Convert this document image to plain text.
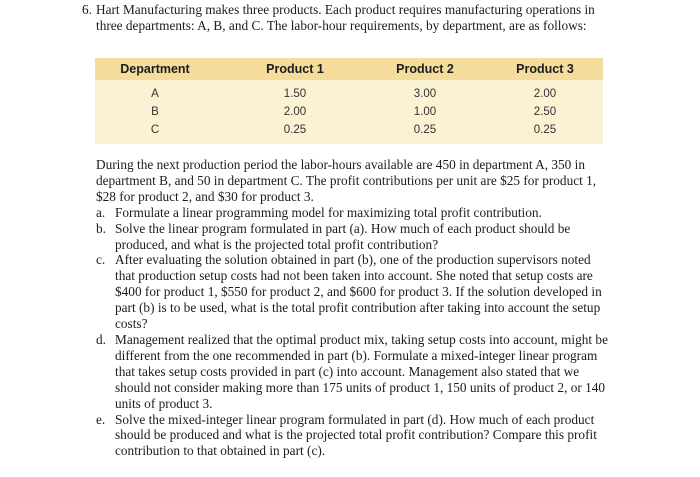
6. Hart Manufacturing makes three products. Each product requires manufacturing operations in three departments: A, B, and C. The labor-hour requirements, by department, are as follows:
Department	Product 1	Product 2	Product 3
A	1.50	3.00	2.00
B	2.00	1.00	2.50
C	0.25	0.25	0.25

During the next production period the labor-hours available are 450 in department A, 350 in department B, and 50 in department C. The profit contributions per unit are $25 for product 1, $28 for product 2, and $30 for product 3.

a. Formulate a linear programming model for maximizing total profit contribution.
b. Solve the linear program formulated in part (a). How much of each product should be produced, and what is the projected total profit contribution?
c. After evaluating the solution obtained in part (b), one of the production supervisors noted that production setup costs had not been taken into account. She noted that setup costs are $400 for product 1, $550 for product 2, and $600 for product 3. If the solution developed in part (b) is to be used, what is the total profit contribution after taking into account the setup costs?
d. Management realized that the optimal product mix, taking setup costs into account, might be different from the one recommended in part (b). Formulate a mixed-integer linear program that takes setup costs provided in part (c) into account. Management also stated that we should not consider making more than 175 units of product 1, 150 units of product 2, or 140 units of product 3.
e. Solve the mixed-integer linear program formulated in part (d). How much of each product should be produced and what is the projected total profit contribution? Compare this profit contribution to that obtained in part (c).
